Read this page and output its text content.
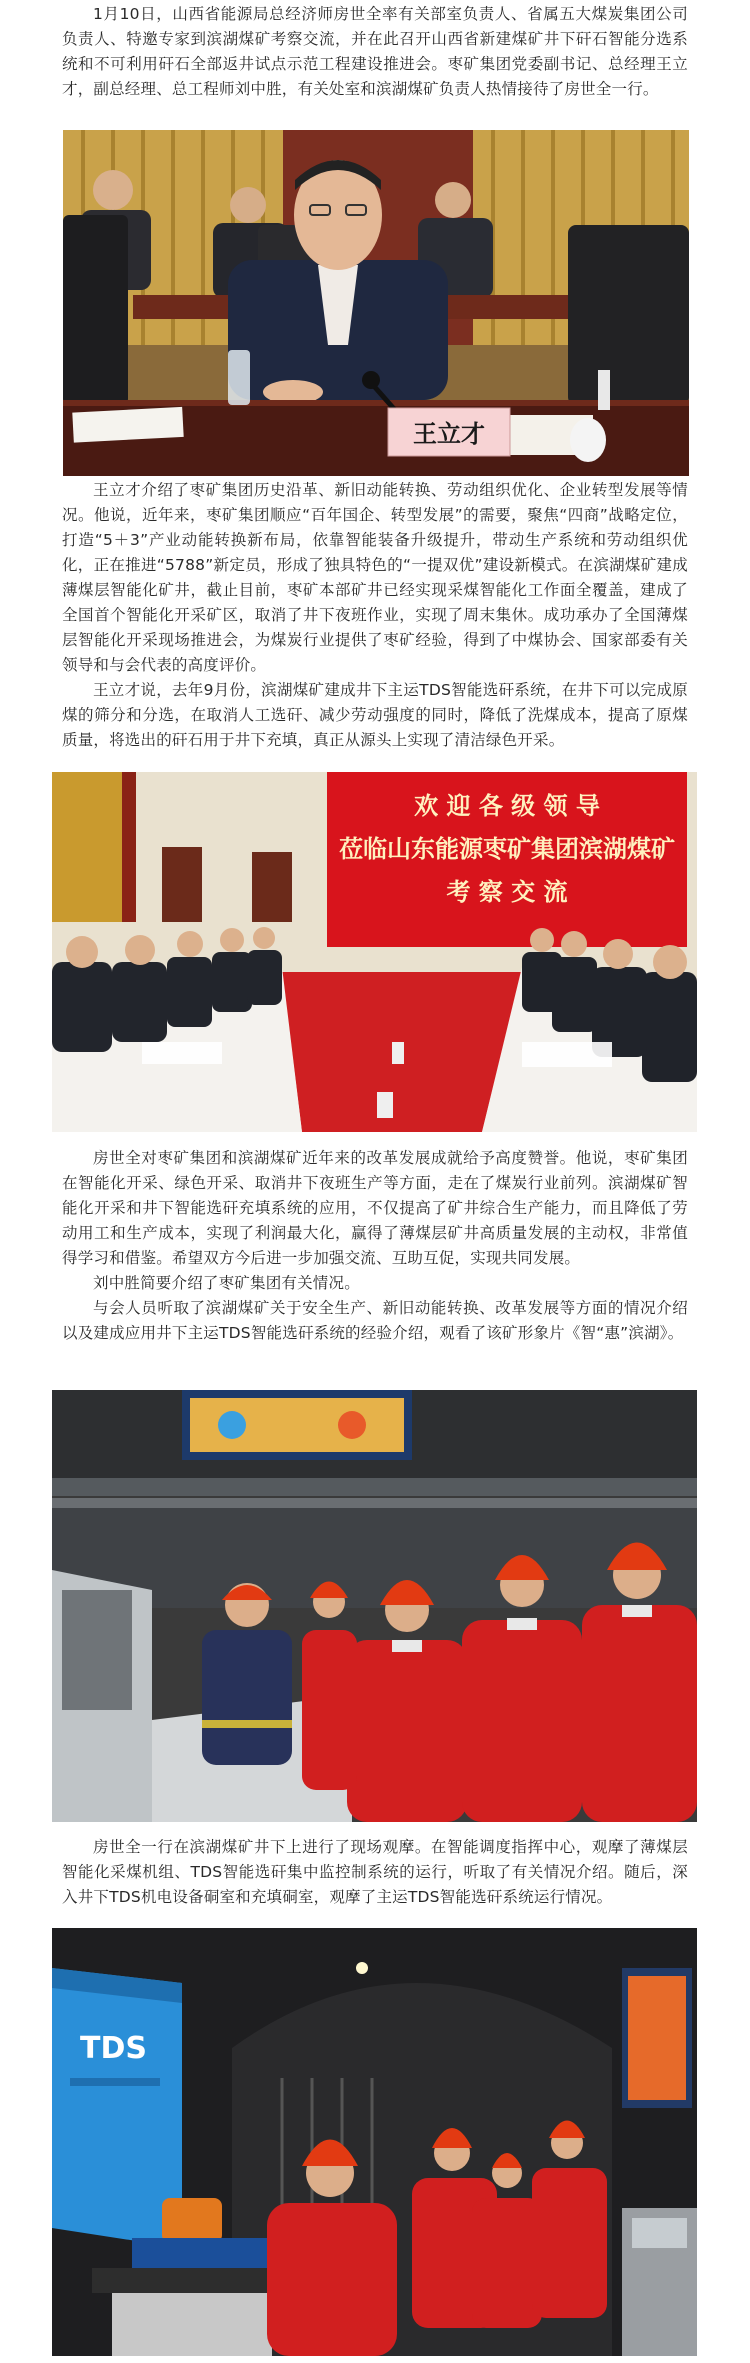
1月10日，山西省能源局总经济师房世全率有关部室负责人、省属五大煤炭集团公司负责人、特邀专家到滨湖煤矿考察交流，并在此召开山西省新建煤矿井下矸石智能分选系统和不可利用矸石全部返井试点示范工程建设推进会。枣矿集团党委副书记、总经理王立才，副总经理、总工程师刘中胜，有关处室和滨湖煤矿负责人热情接待了房世全一行。

王立才

王立才介绍了枣矿集团历史沿革、新旧动能转换、劳动组织优化、企业转型发展等情况。他说，近年来，枣矿集团顺应“百年国企、转型发展”的需要，聚焦“四商”战略定位，打造“5＋3”产业动能转换新布局，依靠智能装备升级提升，带动生产系统和劳动组织优化，正在推进“5788”新定员，形成了独具特色的“一提双优”建设新模式。在滨湖煤矿建成薄煤层智能化矿井，截止目前，枣矿本部矿井已经实现采煤智能化工作面全覆盖，建成了全国首个智能化开采矿区，取消了井下夜班作业，实现了周末集休。成功承办了全国薄煤层智能化开采现场推进会，为煤炭行业提供了枣矿经验，得到了中煤协会、国家部委有关领导和与会代表的高度评价。

王立才说，去年9月份，滨湖煤矿建成井下主运TDS智能选矸系统，在井下可以完成原煤的筛分和分选，在取消人工选矸、减少劳动强度的同时，降低了洗煤成本，提高了原煤质量，将选出的矸石用于井下充填，真正从源头上实现了清洁绿色开采。

欢 迎 各 级 领 导
莅临山东能源枣矿集团滨湖煤矿
考 察 交 流

房世全对枣矿集团和滨湖煤矿近年来的改革发展成就给予高度赞誉。他说，枣矿集团在智能化开采、绿色开采、取消井下夜班生产等方面，走在了煤炭行业前列。滨湖煤矿智能化开采和井下智能选矸充填系统的应用，不仅提高了矿井综合生产能力，而且降低了劳动用工和生产成本，实现了利润最大化，赢得了薄煤层矿井高质量发展的主动权，非常值得学习和借鉴。希望双方今后进一步加强交流、互助互促，实现共同发展。

刘中胜简要介绍了枣矿集团有关情况。

与会人员听取了滨湖煤矿关于安全生产、新旧动能转换、改革发展等方面的情况介绍以及建成应用井下主运TDS智能选矸系统的经验介绍，观看了该矿形象片《智“惠”滨湖》。

房世全一行在滨湖煤矿井下上进行了现场观摩。在智能调度指挥中心，观摩了薄煤层智能化采煤机组、TDS智能选矸集中监控制系统的运行，听取了有关情况介绍。随后，深入井下TDS机电设备硐室和充填硐室，观摩了主运TDS智能选矸系统运行情况。

TDS
